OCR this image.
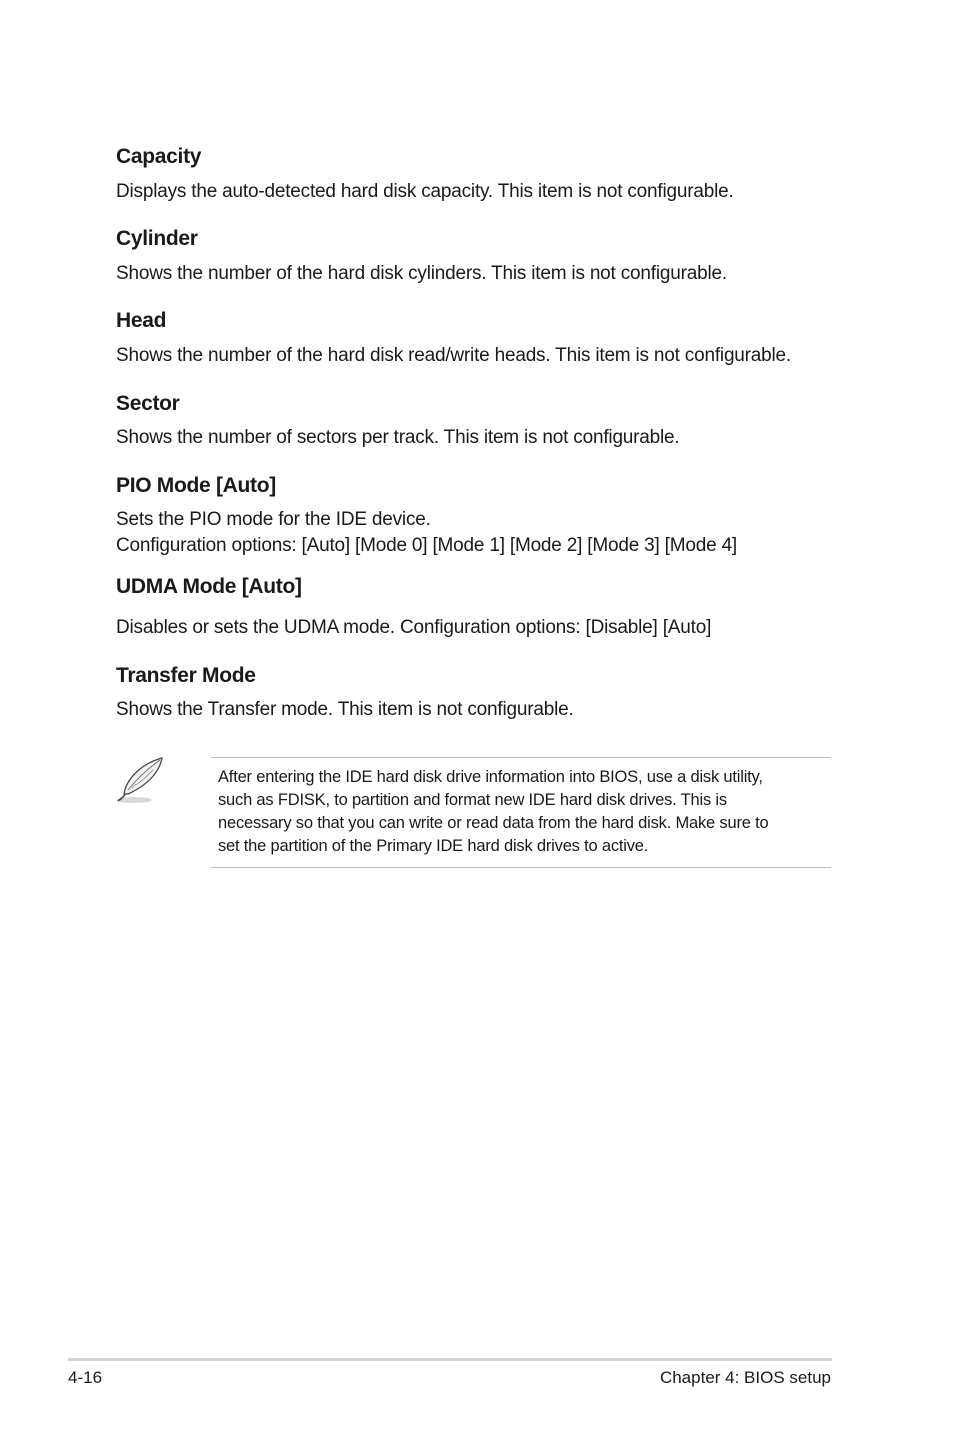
Capacity

Displays the auto-detected hard disk capacity. This item is not configurable.

Cylinder

Shows the number of the hard disk cylinders. This item is not configurable.

Head

Shows the number of the hard disk read/write heads. This item is not configurable.

Sector

Shows the number of sectors per track. This item is not configurable.

PIO Mode [Auto]

Sets the PIO mode for the IDE device.

Configuration options: [Auto] [Mode 0] [Mode 1] [Mode 2] [Mode 3] [Mode 4]

UDMA Mode [Auto]

Disables or sets the UDMA mode. Configuration options: [Disable] [Auto]

Transfer Mode

Shows the Transfer mode. This item is not configurable.

After entering the IDE hard disk drive information into BIOS, use a disk utility,
such as FDISK, to partition and format new IDE hard disk drives. This is
necessary so that you can write or read data from the hard disk. Make sure to
set the partition of the Primary IDE hard disk drives to active.

4-16	Chapter 4: BIOS setup
